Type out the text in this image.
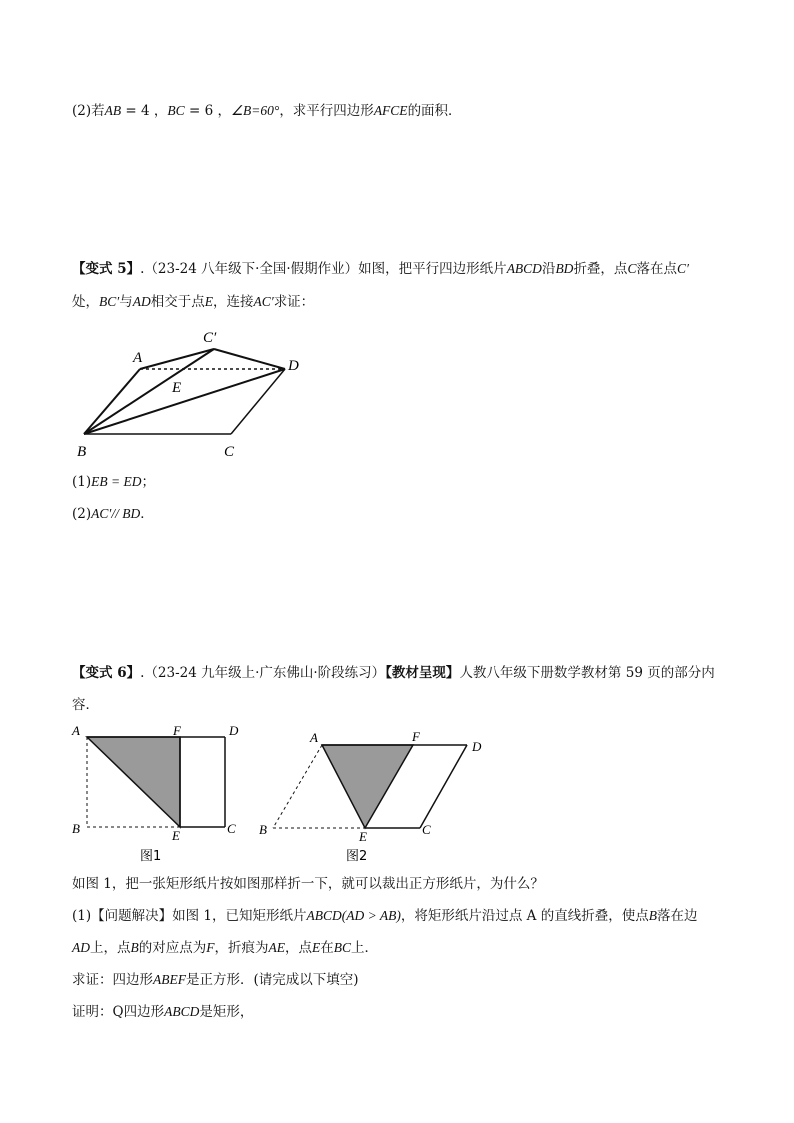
(2)若AB = 4 ，BC = 6 ，∠B=60°，求平行四边形AFCE的面积．
【变式 5】.（23-24 八年级下·全国·假期作业）如图，把平行四边形纸片ABCD沿BD折叠，点C落在点C′
处，BC′与AD相交于点E，连接AC′求证：
A
C′
D
E
B	C
A	F	D
B	E	C
图1
A	F
D
B	E	C
图2
(1)EB = ED；
(2)AC′// BD．
【变式 6】.（23-24 九年级上·广东佛山·阶段练习）【教材呈现】人教八年级下册数学教材第 59 页的部分内
容．
如图 1，把一张矩形纸片按如图那样折一下，就可以裁出正方形纸片，为什么？
(1)【问题解决】如图 1，已知矩形纸片ABCD(AD > AB)，将矩形纸片沿过点 A 的直线折叠，使点B落在边
AD上，点B的对应点为F，折痕为AE，点E在BC上．
求证：四边形ABEF是正方形．(请完成以下填空)
证明：Q四边形ABCD是矩形，
